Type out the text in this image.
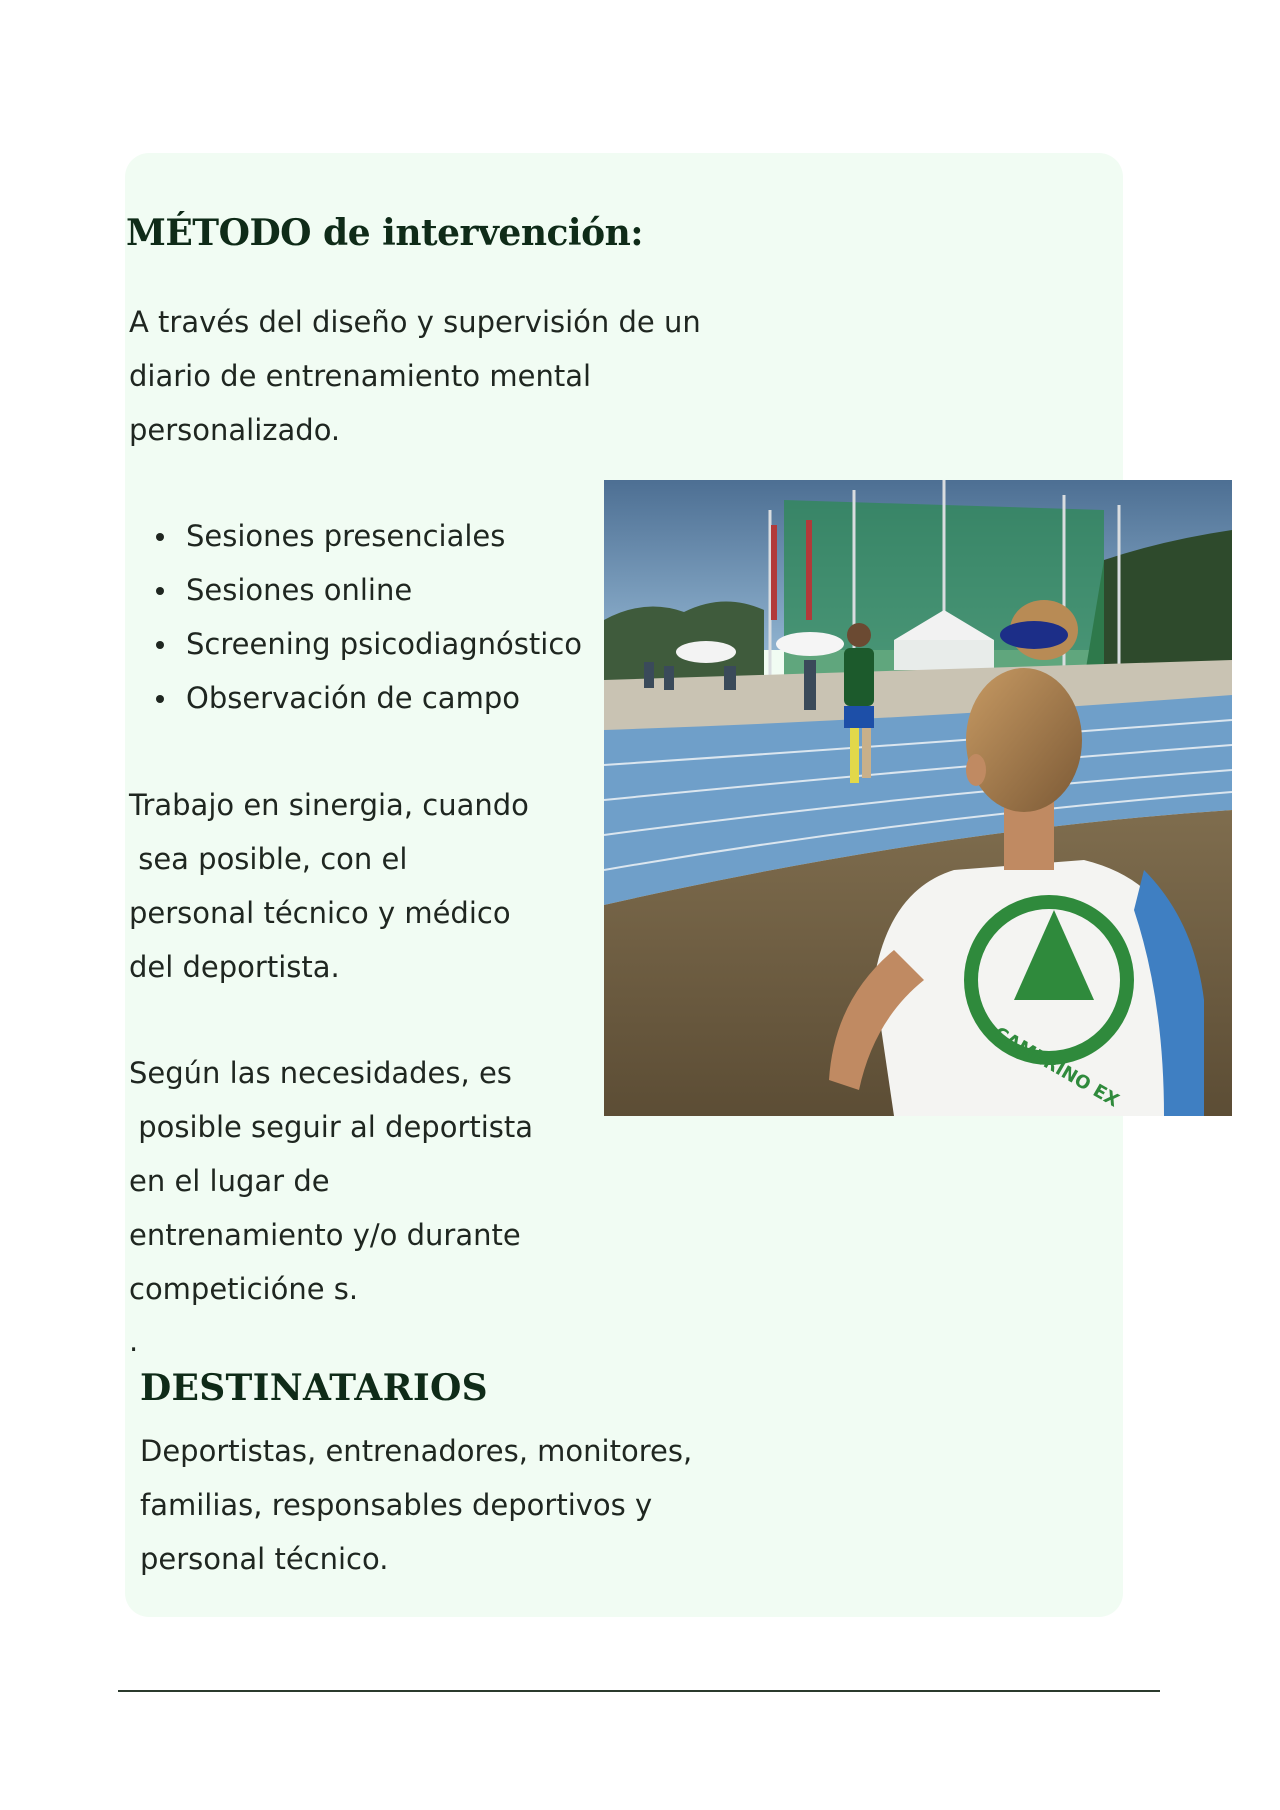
MÉTODO de intervención:

A través del diseño y supervisión de un
diario de entrenamiento mental
personalizado.

Sesiones presenciales
Sesiones online
Screening psicodiagnóstico
Observación de campo

Trabajo en sinergia, cuando
sea posible, con el
personal técnico y médico
del deportista.

Según las necesidades, es
posible seguir al deportista
en el lugar de
entrenamiento y/o durante
competicióne s.

.

DESTINATARIOS

Deportistas, entrenadores, monitores,
familias, responsables deportivos y
personal técnico.

CAMERINO EX
